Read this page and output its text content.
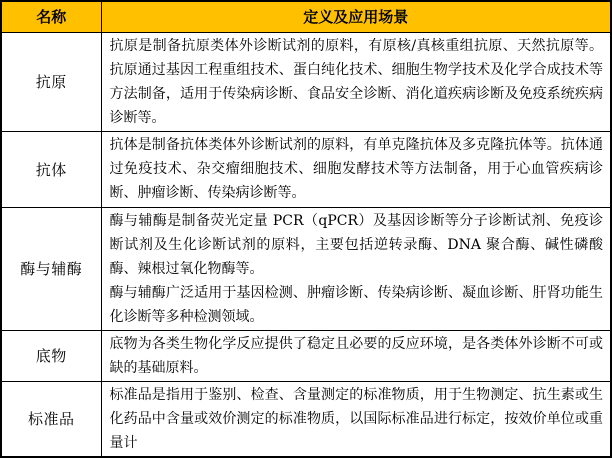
名称	定义及应用场景
抗原	抗原是制备抗原类体外诊断试剂的原料，有原核/真核重组抗原、天然抗原等。抗原通过基因工程重组技术、蛋白纯化技术、细胞生物学技术及化学合成技术等方法制备，适用于传染病诊断、食品安全诊断、消化道疾病诊断及免疫系统疾病诊断等。

抗体	抗体是制备抗体类体外诊断试剂的原料，有单克隆抗体及多克隆抗体等。抗体通过免疫技术、杂交瘤细胞技术、细胞发酵技术等方法制备，用于心血管疾病诊断、肿瘤诊断、传染病诊断等。

酶与辅酶	酶与辅酶是制备荧光定量 PCR（qPCR）及基因诊断等分子诊断试剂、免疫诊断试剂及生化诊断试剂的原料，主要包括逆转录酶、DNA 聚合酶、碱性磷酸酶、辣根过氧化物酶等。

酶与辅酶广泛适用于基因检测、肿瘤诊断、传染病诊断、凝血诊断、肝肾功能生化诊断等多种检测领域。

底物	底物为各类生物化学反应提供了稳定且必要的反应环境，是各类体外诊断不可或缺的基础原料。

标准品	标准品是指用于鉴别、检查、含量测定的标准物质，用于生物测定、抗生素或生化药品中含量或效价测定的标准物质，以国际标准品进行标定，按效价单位或重量计
